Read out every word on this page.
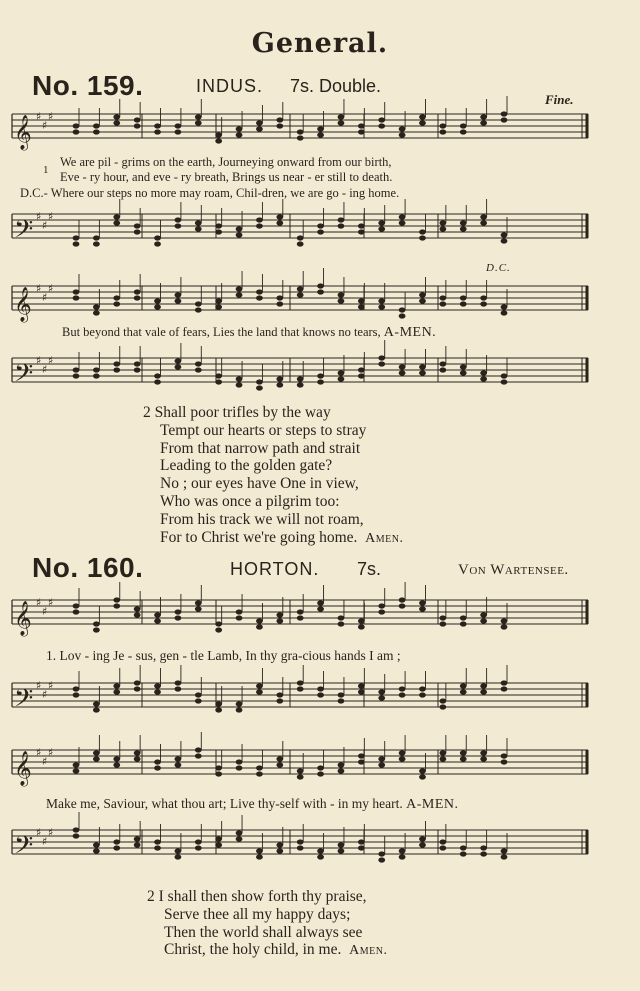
General.
No. 159.	INDUS. 7s. Double.
Fine.
𝄞 ♯
♯
♯
1
We are pil - grims on the earth, Journeying onward from our birth,
Eve - ry hour, and eve - ry breath, Brings us near - er still to death.
D.C.- Where our steps no more may roam, Chil-dren, we are go - ing home.
𝄢 ♯
♯
♯
D.C.
𝄞 ♯
♯
♯
But beyond that vale of fears, Lies the land that knows no tears, A-MEN.
𝄢 ♯
♯
♯
2 Shall poor trifles by the way
Tempt our hearts or steps to stray
From that narrow path and strait
Leading to the golden gate?
No ; our eyes have One in view,
Who was once a pilgrim too:
From his track we will not roam,
For to Christ we're going home. Amen.
No. 160.	HORTON. 7s.	Von Wartensee.
𝄞 ♯
♯
♯
1. Lov - ing Je - sus, gen - tle Lamb, In thy gra-cious hands I am ;
𝄢 ♯
♯
♯
𝄞 ♯
♯
♯
Make me, Saviour, what thou art; Live thy-self with - in my heart. A-MEN.
𝄢 ♯
♯
♯
2 I shall then show forth thy praise,
Serve thee all my happy days;
Then the world shall always see
Christ, the holy child, in me. Amen.
